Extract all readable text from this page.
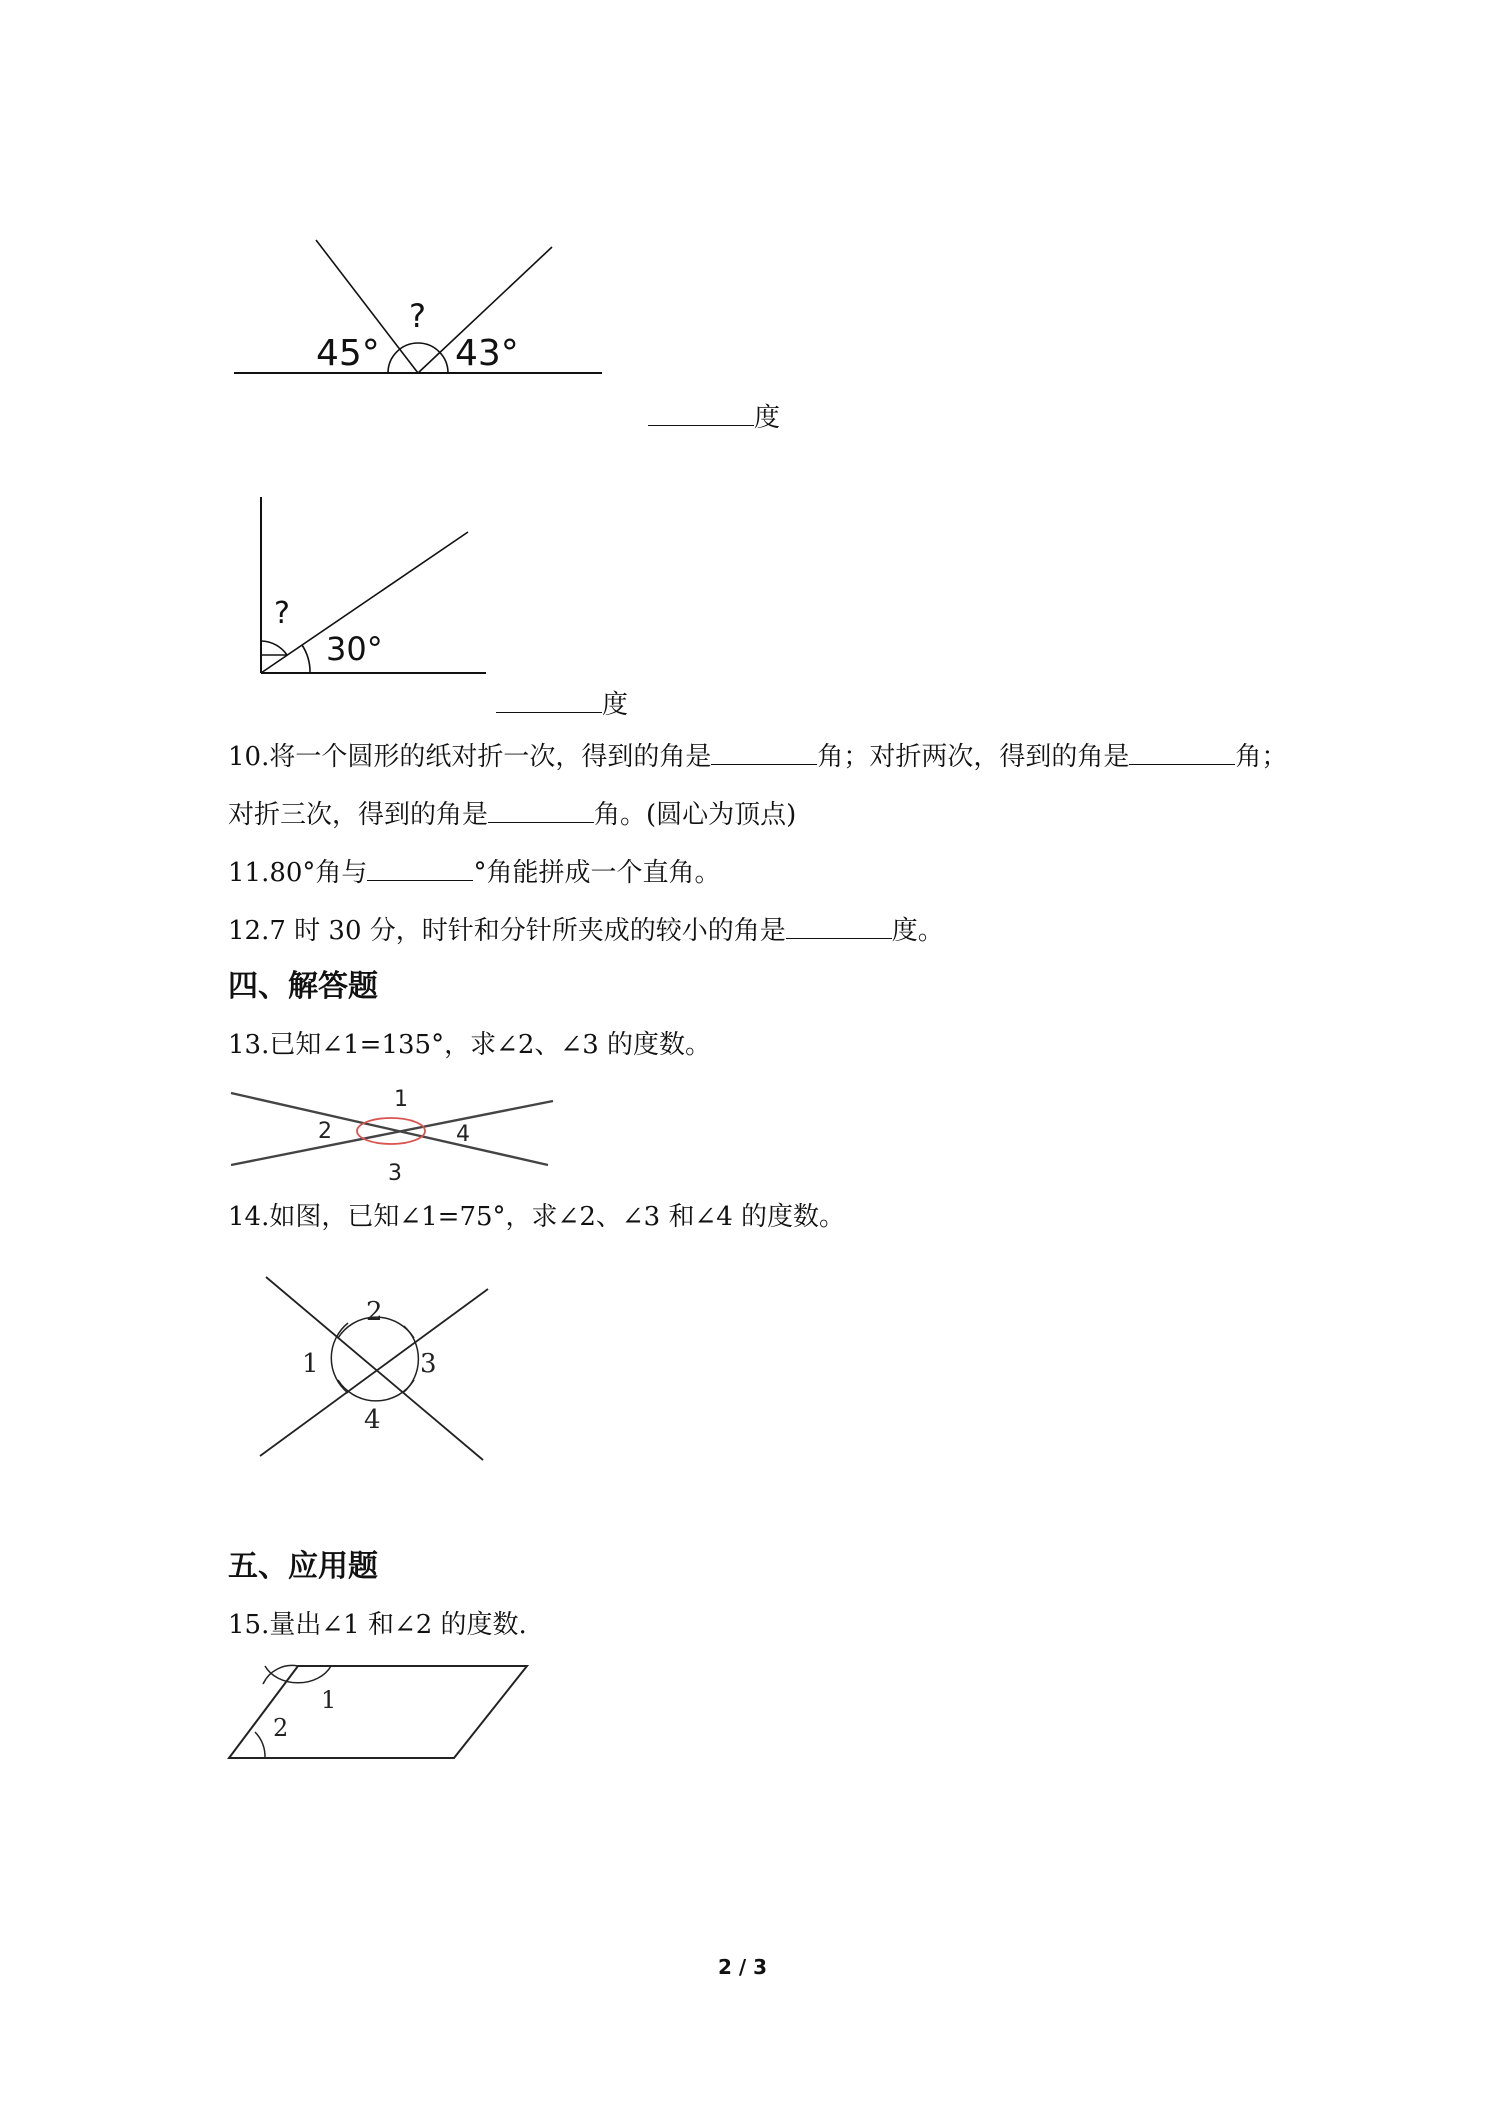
45° 43°
?
度
30°
?
度
10.将一个圆形的纸对折一次，得到的角是	角；对折两次，得到的角是	角；
对折三次，得到的角是	角。(圆心为顶点)
11.80°角与	°角能拼成一个直角。
12.7 时 30 分，时针和分针所夹成的较小的角是	度。
四、解答题
13.已知∠1=135°，求∠2、∠3 的度数。
1
2
3
4
14.如图，已知∠1=75°，求∠2、∠3 和∠4 的度数。
1
2
3
4
五、应用题
15.量出∠1 和∠2 的度数.
1
2
2 / 3
